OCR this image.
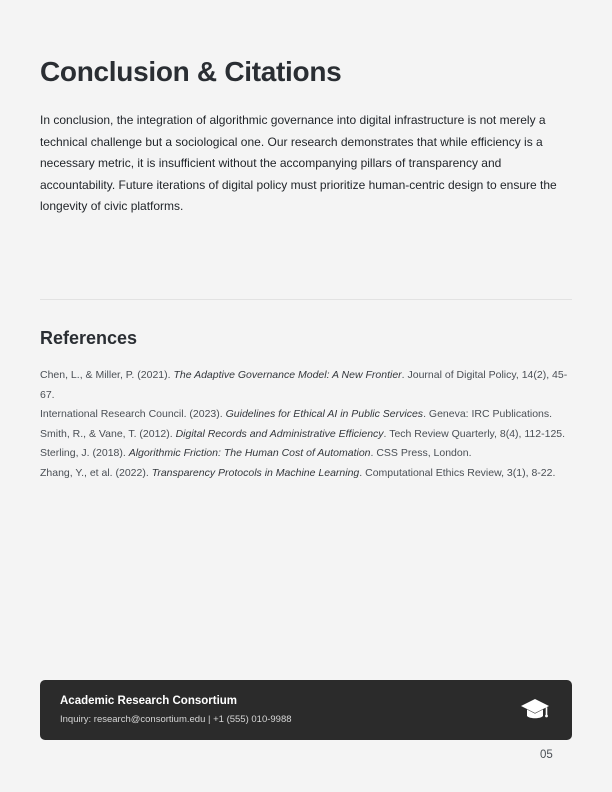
Conclusion & Citations

In conclusion, the integration of algorithmic governance into digital infrastructure is not merely a technical challenge but a sociological one. Our research demonstrates that while efficiency is a necessary metric, it is insufficient without the accompanying pillars of transparency and accountability. Future iterations of digital policy must prioritize human-centric design to ensure the longevity of civic platforms.

References
Chen, L., & Miller, P. (2021). The Adaptive Governance Model: A New Frontier. Journal of Digital Policy, 14(2), 45-67.
International Research Council. (2023). Guidelines for Ethical AI in Public Services. Geneva: IRC Publications.
Smith, R., & Vane, T. (2012). Digital Records and Administrative Efficiency. Tech Review Quarterly, 8(4), 112-125.
Sterling, J. (2018). Algorithmic Friction: The Human Cost of Automation. CSS Press, London.
Zhang, Y., et al. (2022). Transparency Protocols in Machine Learning. Computational Ethics Review, 3(1), 8-22.
Academic Research Consortium
Inquiry: research@consortium.edu | +1 (555) 010-9988
05
